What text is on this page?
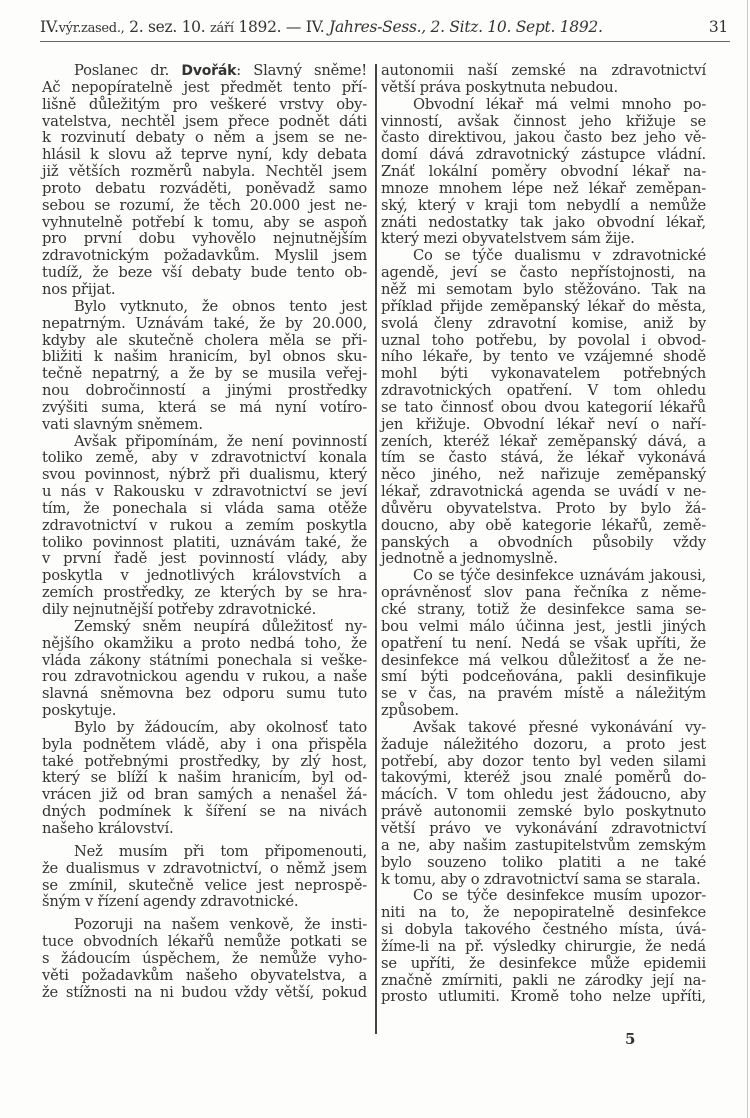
IV.výr.zased., 2. sez. 10. září 1892. — IV. Jahres-Sess., 2. Sitz. 10. Sept. 1892.	31
Poslanec dr. Dvořák: Slavný sněme!
Ač nepopíratelně jest předmět tento pří-
lišně důležitým pro veškeré vrstvy oby-
vatelstva, nechtěl jsem přece podnět dáti
k rozvinutí debaty o něm a jsem se ne-
hlásil k slovu až teprve nyní, kdy debata
již větších rozměrů nabyla. Nechtěl jsem
proto debatu rozváděti, poněvadž samo
sebou se rozumí, že těch 20.000 jest ne-
vyhnutelně potřebí k tomu, aby se aspoň
pro první dobu vyhovělo nejnutnějším
zdravotnickým požadavkům. Myslil jsem
tudíž, že beze vší debaty bude tento ob-
nos přijat.
Bylo vytknuto, že obnos tento jest
nepatrným. Uznávám také, že by 20.000,
kdyby ale skutečně cholera měla se při-
bližiti k našim hranicím, byl obnos sku-
tečně nepatrný, a že by se musila veřej-
nou dobročinností a jinými prostředky
zvýšiti suma, která se má nyní votíro-
vati slavným sněmem.
Avšak připomínám, že není povinností
toliko země, aby v zdravotnictví konala
svou povinnost, nýbrž při dualismu, který
u nás v Rakousku v zdravotnictví se jeví
tím, že ponechala si vláda sama otěže
zdravotnictví v rukou a zemím poskytla
toliko povinnost platiti, uznávám také, že
v první řadě jest povinností vlády, aby
poskytla v jednotlivých královstvích a
zemích prostředky, ze kterých by se hra-
dily nejnutnější potřeby zdravotnické.
Zemský sněm neupírá důležitosť ny-
nějšího okamžiku a proto nedbá toho, že
vláda zákony státními ponechala si veške-
rou zdravotnickou agendu v rukou, a naše
slavná sněmovna bez odporu sumu tuto
poskytuje.
Bylo by žádoucím, aby okolnosť tato
byla podnětem vládě, aby i ona přispěla
také potřebnými prostředky, by zlý host,
který se blíží k našim hranicím, byl od-
vrácen již od bran samých a nenašel žá-
dných podmínek k šíření se na nivách
našeho království.
Než musím při tom připomenouti,
že dualismus v zdravotnictví, o němž jsem
se zmínil, skutečně velice jest neprospě-
šným v řízení agendy zdravotnické.
Pozoruji na našem venkově, že insti-
tuce obvodních lékařů nemůže potkati se
s žádoucím úspěchem, že nemůže vyho-
věti požadavkům našeho obyvatelstva, a
že stížnosti na ni budou vždy větší, pokud
autonomii naší zemské na zdravotnictví
větší práva poskytnuta nebudou.
Obvodní lékař má velmi mnoho po-
vinností, avšak činnost jeho křižuje se
často direktivou, jakou často bez jeho vě-
domí dává zdravotnický zástupce vládní.
Znáť lokální poměry obvodní lékař na-
mnoze mnohem lépe než lékař zeměpan-
ský, který v kraji tom nebydlí a nemůže
znáti nedostatky tak jako obvodní lékař,
který mezi obyvatelstvem sám žije.
Co se týče dualismu v zdravotnické
agendě, jeví se často nepřístojnosti, na
něž mi semotam bylo stěžováno. Tak na
příklad přijde zeměpanský lékař do města,
svolá členy zdravotní komise, aniž by
uznal toho potřebu, by povolal i obvod-
ního lékaře, by tento ve vzájemné shodě
mohl býti vykonavatelem potřebných
zdravotnických opatření. V tom ohledu
se tato činnosť obou dvou kategorií lékařů
jen křižuje. Obvodní lékař neví o naří-
zeních, kteréž lékař zeměpanský dává, a
tím se často stává, že lékař vykonává
něco jiného, než nařizuje zeměpanský
lékař, zdravotnická agenda se uvádí v ne-
důvěru obyvatelstva. Proto by bylo žá-
doucno, aby obě kategorie lékařů, země-
panských a obvodních působily vždy
jednotně a jednomyslně.
Co se týče desinfekce uznávám jakousi,
oprávněnosť slov pana řečníka z něme-
cké strany, totiž že desinfekce sama se-
bou velmi málo účinna jest, jestli jiných
opatření tu není. Nedá se však upříti, že
desinfekce má velkou důležitosť a že ne-
smí býti podceňována, pakli desinfikuje
se v čas, na pravém místě a náležitým
způsobem.
Avšak takové přesné vykonávání vy-
žaduje náležitého dozoru, a proto jest
potřebí, aby dozor tento byl veden silami
takovými, kteréž jsou znalé poměrů do-
mácích. V tom ohledu jest žádoucno, aby
právě autonomii zemské bylo poskytnuto
větší právo ve vykonávání zdravotnictví
a ne, aby našim zastupitelstvům zemským
bylo souzeno toliko platiti a ne také
k tomu, aby o zdravotnictví sama se starala.
Co se týče desinfekce musím upozor-
niti na to, že nepopiratelně desinfekce
si dobyla takového čestného místa, úvá-
žíme-li na př. výsledky chirurgie, že nedá
se upříti, že desinfekce může epidemii
značně zmírniti, pakli ne zárodky její na-
prosto utlumiti. Kromě toho nelze upříti,
5
